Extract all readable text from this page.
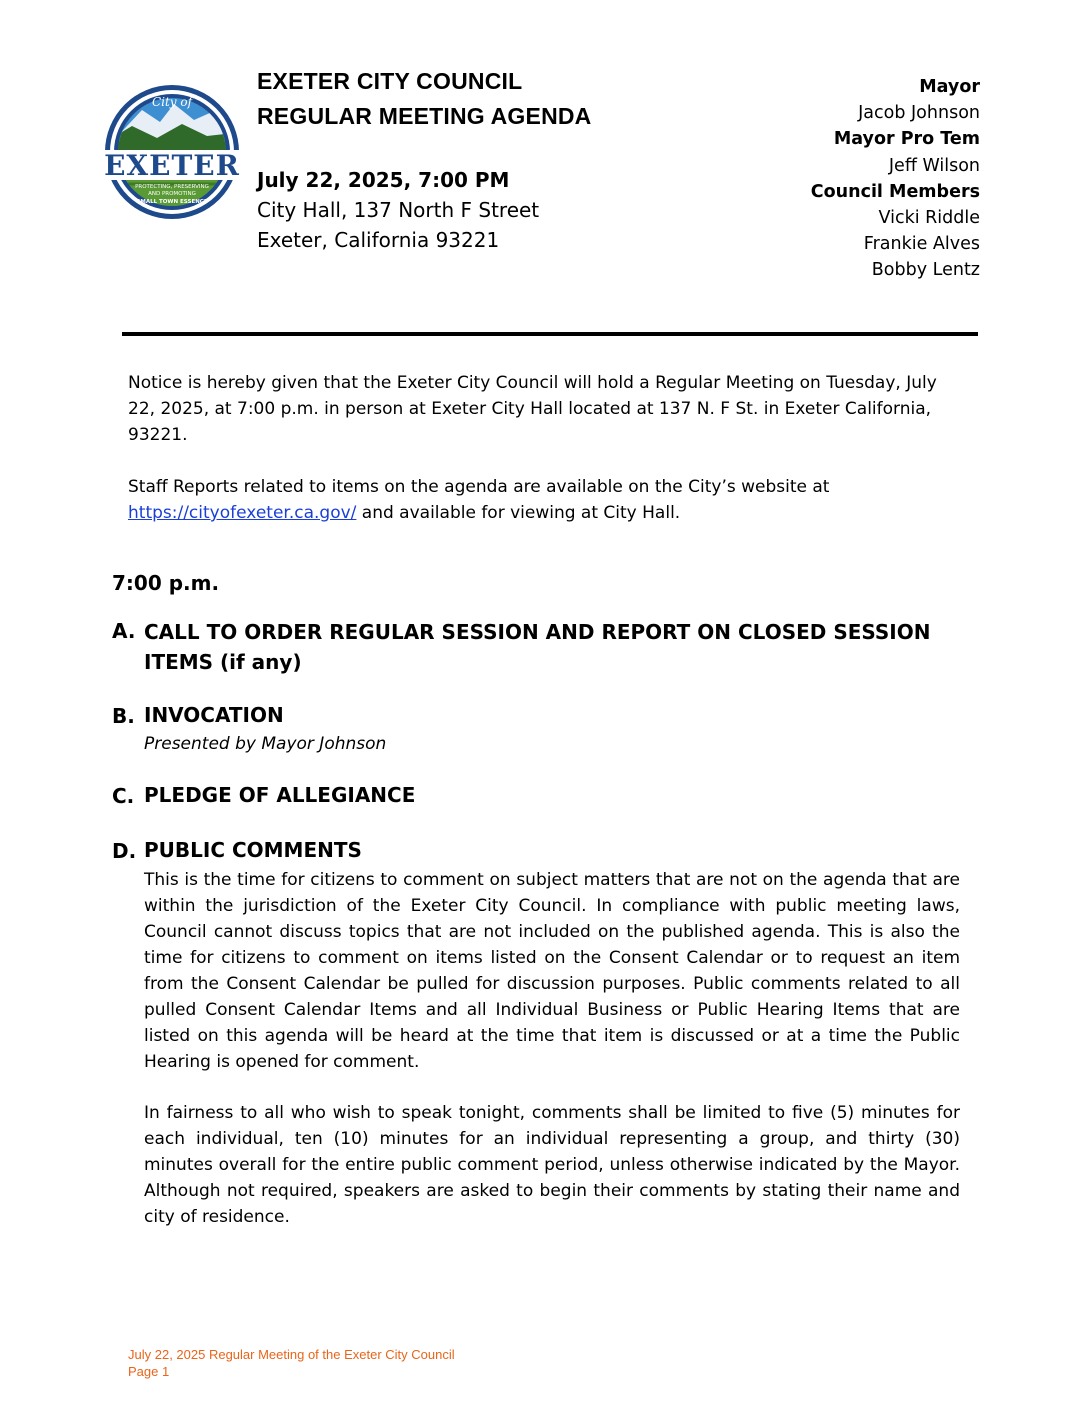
City of
EXETER
PROTECTING, PRESERVING
AND PROMOTING
SMALL TOWN ESSENCE
EXETER CITY COUNCIL
REGULAR MEETING AGENDA
July 22, 2025, 7:00 PM
City Hall, 137 North F Street
Exeter, California 93221
Mayor
Jacob Johnson
Mayor Pro Tem
Jeff Wilson
Council Members
Vicki Riddle
Frankie Alves
Bobby Lentz
Notice is hereby given that the Exeter City Council will hold a Regular Meeting on Tuesday, July
22, 2025, at 7:00 p.m. in person at Exeter City Hall located at 137 N. F St. in Exeter California,
93221.
Staff Reports related to items on the agenda are available on the City’s website at
https://cityofexeter.ca.gov/ and available for viewing at City Hall.
7:00 p.m.
A. CALL TO ORDER REGULAR SESSION AND REPORT ON CLOSED SESSION ITEMS (if any)
B. INVOCATION
Presented by Mayor Johnson
C. PLEDGE OF ALLEGIANCE
D. PUBLIC COMMENTS
This is the time for citizens to comment on subject matters that are not on the agenda that are within the jurisdiction of the Exeter City Council. In compliance with public meeting laws, Council cannot discuss topics that are not included on the published agenda. This is also the time for citizens to comment on items listed on the Consent Calendar or to request an item from the Consent Calendar be pulled for discussion purposes. Public comments related to all pulled Consent Calendar Items and all Individual Business or Public Hearing Items that are listed on this agenda will be heard at the time that item is discussed or at a time the Public Hearing is opened for comment.
In fairness to all who wish to speak tonight, comments shall be limited to five (5) minutes for each individual, ten (10) minutes for an individual representing a group, and thirty (30) minutes overall for the entire public comment period, unless otherwise indicated by the Mayor. Although not required, speakers are asked to begin their comments by stating their name and city of residence.
July 22, 2025 Regular Meeting of the Exeter City Council
Page 1
